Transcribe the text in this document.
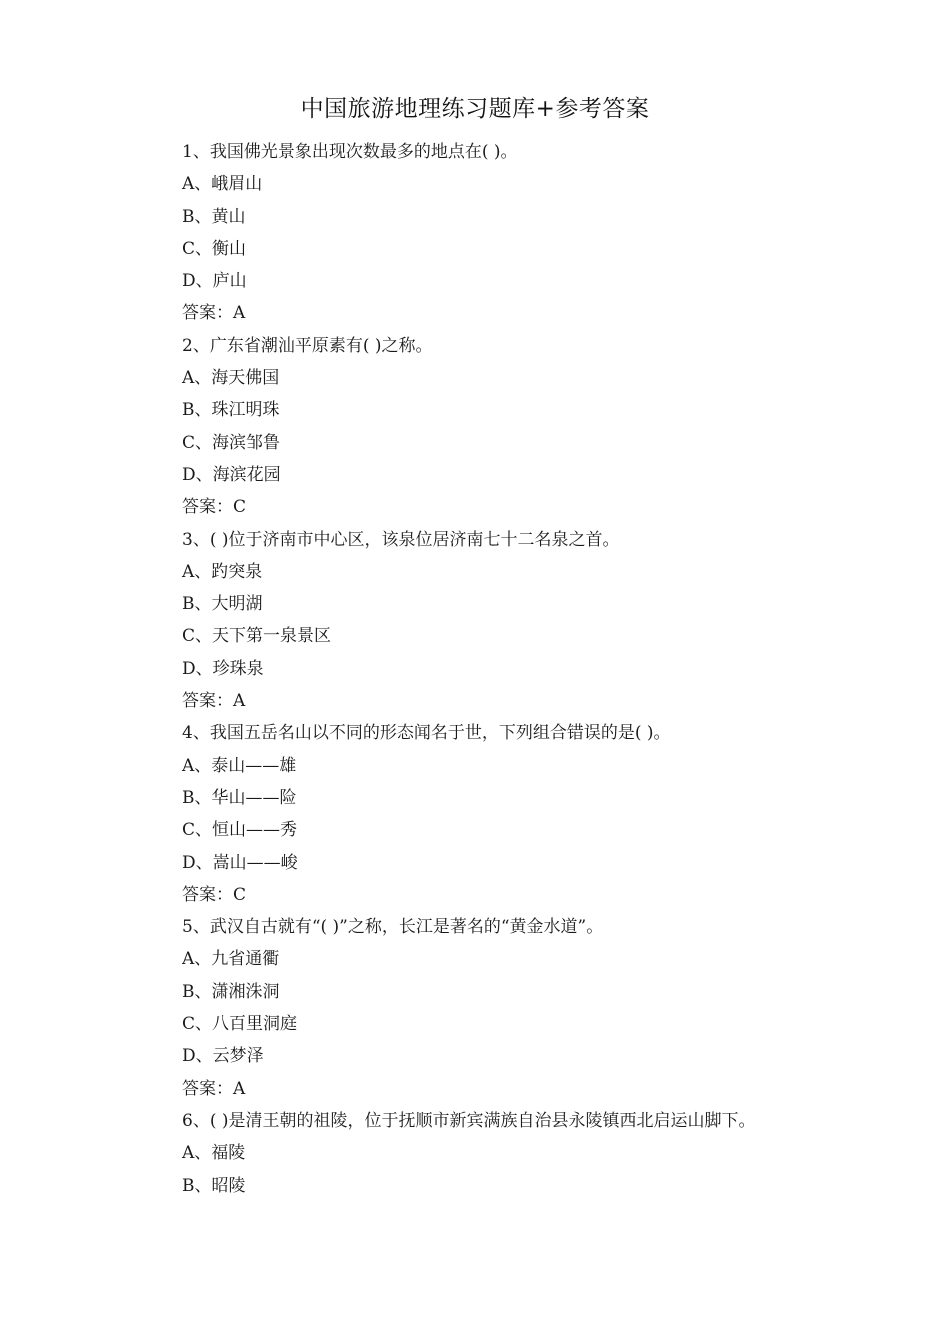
中国旅游地理练习题库+参考答案
1、我国佛光景象出现次数最多的地点在( )。
A、峨眉山
B、黄山
C、衡山
D、庐山
答案：A
2、广东省潮汕平原素有( )之称。
A、海天佛国
B、珠江明珠
C、海滨邹鲁
D、海滨花园
答案：C
3、( )位于济南市中心区，该泉位居济南七十二名泉之首。
A、趵突泉
B、大明湖
C、天下第一泉景区
D、珍珠泉
答案：A
4、我国五岳名山以不同的形态闻名于世，下列组合错误的是( )。
A、泰山——雄
B、华山——险
C、恒山——秀
D、嵩山——峻
答案：C
5、武汉自古就有“( )”之称，长江是著名的“黄金水道”。
A、九省通衢
B、潇湘洙洞
C、八百里洞庭
D、云梦泽
答案：A
6、( )是清王朝的祖陵，位于抚顺市新宾满族自治县永陵镇西北启运山脚下。
A、福陵
B、昭陵
